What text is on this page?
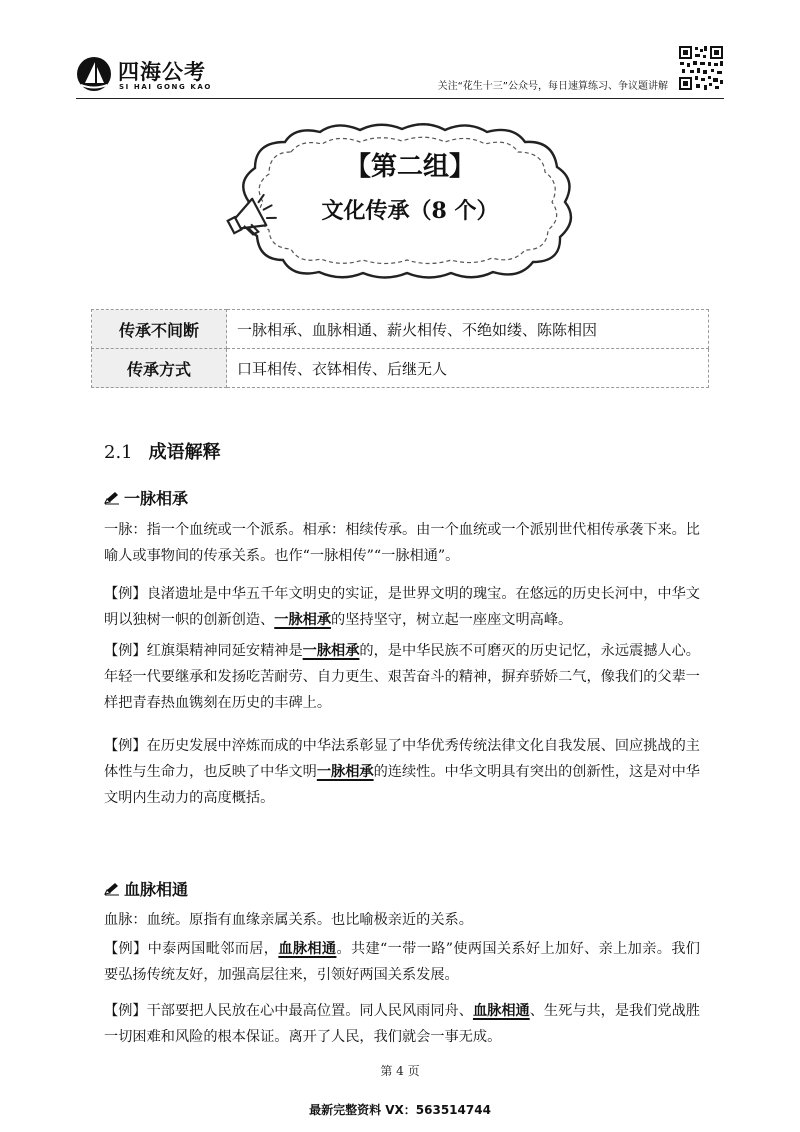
四海公考
SI HAI GONG KAO	关注“花生十三”公众号，每日速算练习、争议题讲解
【第二组】
文化传承（8 个）
传承不间断	一脉相承、血脉相通、薪火相传、不绝如缕、陈陈相因
传承方式	口耳相传、衣钵相传、后继无人
2.1 成语解释
一脉相承
一脉：指一个血统或一个派系。相承：相续传承。由一个血统或一个派别世代相传承袭下来。比喻人或事物间的传承关系。也作“一脉相传”“一脉相通”。
【例】良渚遗址是中华五千年文明史的实证，是世界文明的瑰宝。在悠远的历史长河中，中华文明以独树一帜的创新创造、一脉相承的坚持坚守，树立起一座座文明高峰。
【例】红旗渠精神同延安精神是一脉相承的，是中华民族不可磨灭的历史记忆，永远震撼人心。年轻一代要继承和发扬吃苦耐劳、自力更生、艰苦奋斗的精神，摒弃骄娇二气，像我们的父辈一样把青春热血镌刻在历史的丰碑上。
【例】在历史发展中淬炼而成的中华法系彰显了中华优秀传统法律文化自我发展、回应挑战的主体性与生命力，也反映了中华文明一脉相承的连续性。中华文明具有突出的创新性，这是对中华文明内生动力的高度概括。
血脉相通
血脉：血统。原指有血缘亲属关系。也比喻极亲近的关系。
【例】中泰两国毗邻而居，血脉相通。共建“一带一路”使两国关系好上加好、亲上加亲。我们要弘扬传统友好，加强高层往来，引领好两国关系发展。
【例】干部要把人民放在心中最高位置。同人民风雨同舟、血脉相通、生死与共，是我们党战胜一切困难和风险的根本保证。离开了人民，我们就会一事无成。
第 4 页
最新完整资料 VX：563514744
